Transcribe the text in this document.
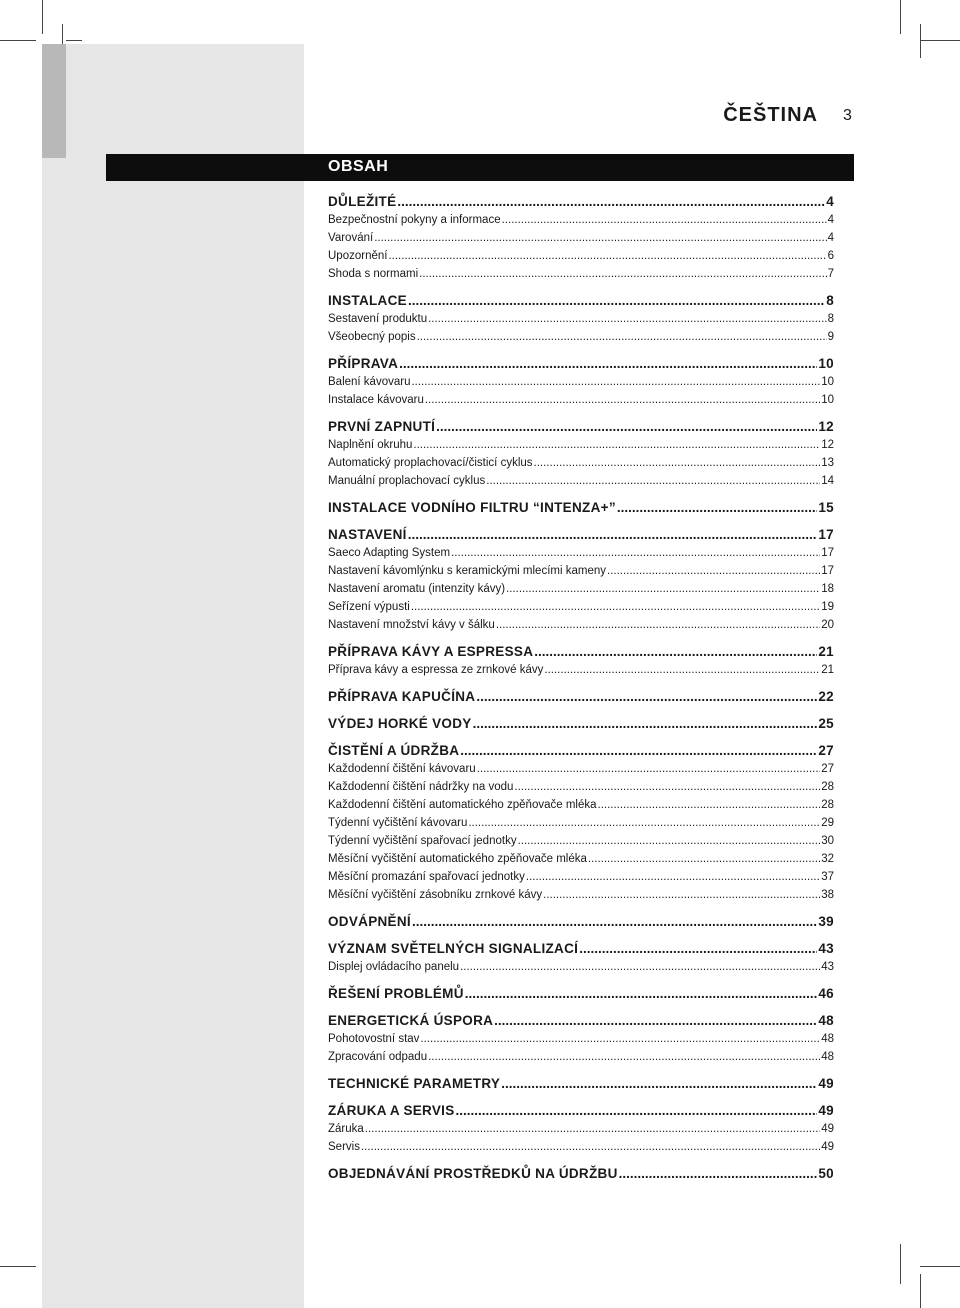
ČEŠTINA 3
OBSAH
DŮLEŽITÉ .....	4
Bezpečnostní pokyny a informace .....	4
Varování .....	4
Upozornění .....	6
Shoda s normami .....	7
INSTALACE .....	8
Sestavení produktu .....	8
Všeobecný popis .....	9
PŘÍPRAVA .....	10
Balení kávovaru .....	10
Instalace kávovaru .....	10
PRVNÍ ZAPNUTÍ .....	12
Naplnění okruhu .....	12
Automatický proplachovací/čisticí cyklus .....	13
Manuální proplachovací cyklus .....	14
INSTALACE VODNÍHO FILTRU “INTENZA+” .....	15
NASTAVENÍ .....	17
Saeco Adapting System .....	17
Nastavení kávomlýnku s keramickými mlecími kameny .....	17
Nastavení aromatu (intenzity kávy) .....	18
Seřízení výpusti .....	19
Nastavení množství kávy v šálku .....	20
PŘÍPRAVA KÁVY A ESPRESSA .....	21
Příprava kávy a espressa ze zrnkové kávy .....	21
PŘÍPRAVA KAPUČÍNA .....	22
VÝDEJ HORKÉ VODY .....	25
ČISTĚNÍ A ÚDRŽBA .....	27
Každodenní čištění kávovaru .....	27
Každodenní čištění nádržky na vodu .....	28
Každodenní čištění automatického zpěňovače mléka .....	28
Týdenní vyčištění kávovaru .....	29
Týdenní vyčištění spařovací jednotky .....	30
Měsíční vyčištění automatického zpěňovače mléka .....	32
Měsíční promazání spařovací jednotky .....	37
Měsíční vyčištění zásobníku zrnkové kávy .....	38
ODVÁPNĚNÍ .....	39
VÝZNAM SVĚTELNÝCH SIGNALIZACÍ .....	43
Displej ovládacího panelu .....	43
ŘEŠENÍ PROBLÉMŮ .....	46
ENERGETICKÁ ÚSPORA .....	48
Pohotovostní stav .....	48
Zpracování odpadu .....	48
TECHNICKÉ PARAMETRY .....	49
ZÁRUKA A SERVIS .....	49
Záruka .....	49
Servis .....	49
OBJEDNÁVÁNÍ PROSTŘEDKŮ NA ÚDRŽBU .....	50
